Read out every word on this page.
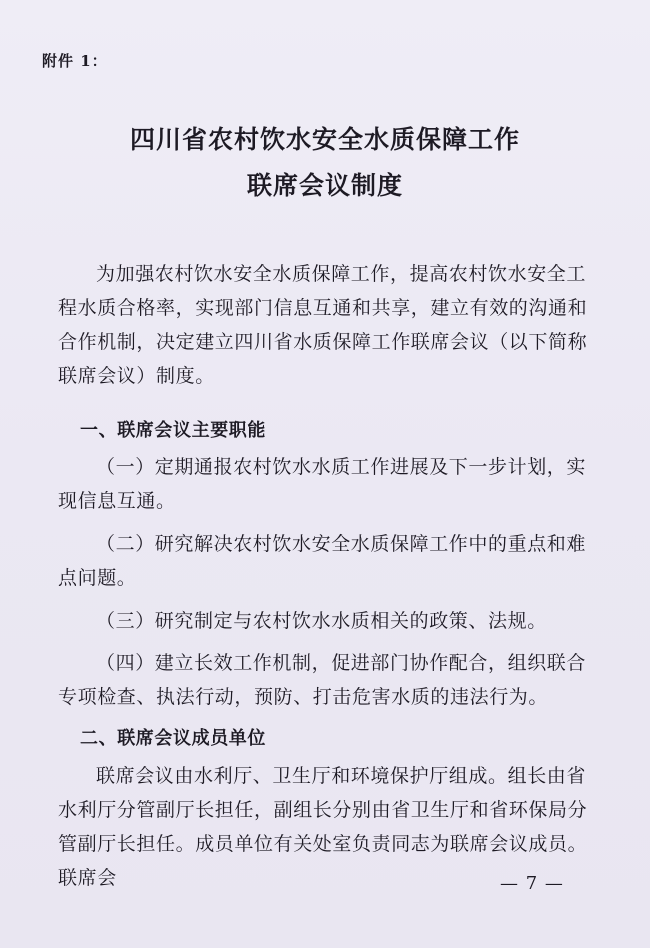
附件 1：
四川省农村饮水安全水质保障工作
联席会议制度
为加强农村饮水安全水质保障工作，提高农村饮水安全工程水质合格率，实现部门信息互通和共享，建立有效的沟通和合作机制，决定建立四川省水质保障工作联席会议（以下简称联席会议）制度。
一、联席会议主要职能
（一）定期通报农村饮水水质工作进展及下一步计划，实现信息互通。
（二）研究解决农村饮水安全水质保障工作中的重点和难点问题。
（三）研究制定与农村饮水水质相关的政策、法规。
（四）建立长效工作机制，促进部门协作配合，组织联合专项检查、执法行动，预防、打击危害水质的违法行为。
二、联席会议成员单位
联席会议由水利厅、卫生厅和环境保护厅组成。组长由省水利厅分管副厅长担任，副组长分别由省卫生厅和省环保局分管副厅长担任。成员单位有关处室负责同志为联席会议成员。联席会	— 7 —
